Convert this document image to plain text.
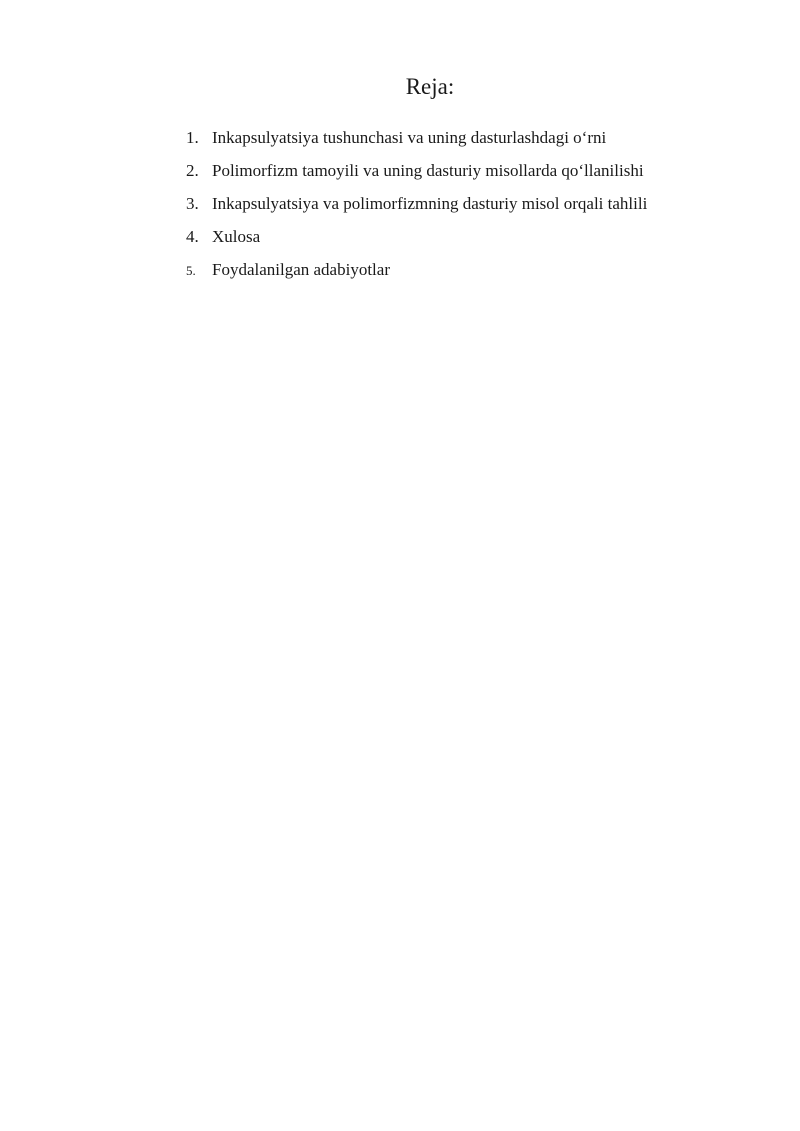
Reja:
1. Inkapsulyatsiya tushunchasi va uning dasturlashdagi o‘rni
2. Polimorfizm tamoyili va uning dasturiy misollarda qo‘llanilishi
3. Inkapsulyatsiya va polimorfizmning dasturiy misol orqali tahlili
4. Xulosa
5. Foydalanilgan adabiyotlar
